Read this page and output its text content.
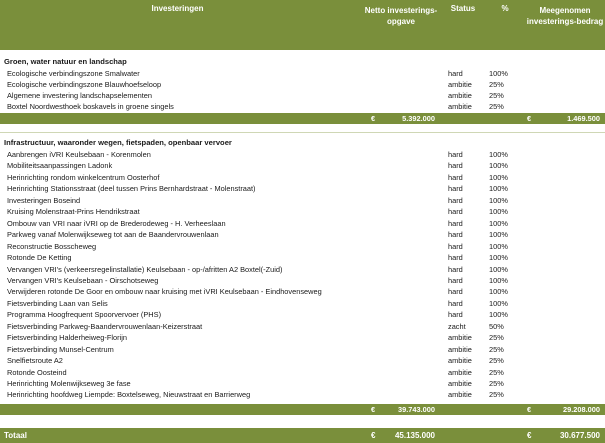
Investeringen	Netto investerings-opgave
Status	%	Meegenomen investerings-bedrag
Groen, water natuur en landschap
Ecologische verbindingszone Smalwater	hard	100%
Ecologische verbindingszone Blauwhoefseloop	ambitie 25%
Algemene investering landschapselementen	ambitie 25%
Boxtel Noordwesthoek boskavels in groene singels	ambitie 25%
€	5.392.000	€	1.469.500
Infrastructuur, waaronder wegen, fietspaden, openbaar vervoer
Aanbrengen iVRI Keulsebaan - Korenmolen	hard	100%
Mobiliteitsaanpassingen Ladonk	hard	100%
Herinrichting rondom winkelcentrum Oosterhof	hard	100%
Herinrichting Stationsstraat (deel tussen Prins Bernhardstraat - Molenstraat)	hard	100%
Investeringen Boseind	hard	100%
Kruising Molenstraat-Prins Hendrikstraat	hard	100%
Ombouw van VRI naar iVRI op de Brederodeweg - H. Verheeslaan	hard	100%
Parkweg vanaf Molenwijkseweg tot aan de Baandervrouwenlaan	hard	100%
Reconstructie Bosscheweg	hard	100%
Rotonde De Ketting	hard	100%
Vervangen VRI's (verkeersregelinstallatie) Keulsebaan - op-/afritten A2 Boxtel(-Zuid)	hard	100%
Vervangen VRI's Keulsebaan - Oirschotseweg	hard	100%
Verwijderen rotonde De Goor en ombouw naar kruising met iVRI Keulsebaan - Eindhovenseweg	hard	100%
Fietsverbinding Laan van Selis	hard	100%
Programma Hoogfrequent Spoorvervoer (PHS)	hard	100%
Fietsverbinding Parkweg-Baandervrouwenlaan-Keizerstraat	zacht	50%
Fietsverbinding Halderheiweg-Florijn	ambitie 25%
Fietsverbinding Munsel-Centrum	ambitie 25%
Snelfietsroute A2	ambitie 25%
Rotonde Oosteind	ambitie 25%
Herinrichting Molenwijkseweg 3e fase	ambitie 25%
Herinrichting hoofdweg Liempde: Boxtelseweg, Nieuwstraat en Barrierweg	ambitie 25%
€	39.743.000	€	29.208.000
Totaal	€ 45.135.000	€	30.677.500
